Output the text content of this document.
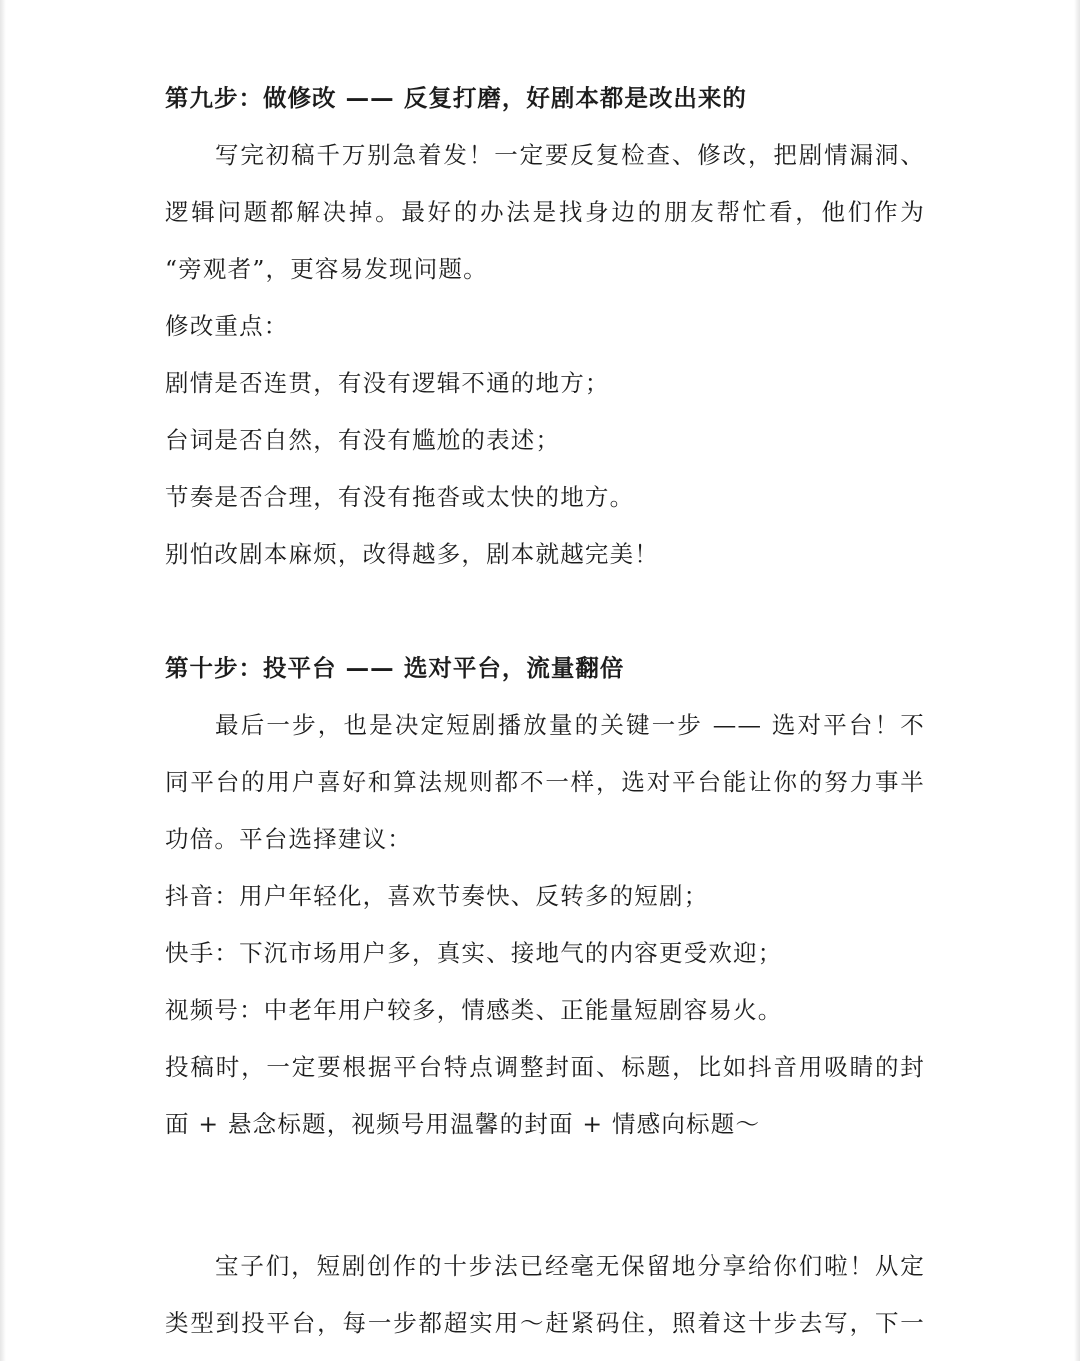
第九步：做修改 —— 反复打磨，好剧本都是改出来的
写完初稿千万别急着发！一定要反复检查、修改，把剧情漏洞、
逻辑问题都解决掉。最好的办法是找身边的朋友帮忙看，他们作为
“旁观者”，更容易发现问题。
修改重点：
剧情是否连贯，有没有逻辑不通的地方；
台词是否自然，有没有尴尬的表述；
节奏是否合理，有没有拖沓或太快的地方。
别怕改剧本麻烦，改得越多，剧本就越完美！
第十步：投平台 —— 选对平台，流量翻倍
最后一步，也是决定短剧播放量的关键一步 —— 选对平台！不
同平台的用户喜好和算法规则都不一样，选对平台能让你的努力事半
功倍。平台选择建议：
抖音：用户年轻化，喜欢节奏快、反转多的短剧；
快手：下沉市场用户多，真实、接地气的内容更受欢迎；
视频号：中老年用户较多，情感类、正能量短剧容易火。
投稿时，一定要根据平台特点调整封面、标题，比如抖音用吸睛的封
面 + 悬念标题，视频号用温馨的封面 + 情感向标题～
宝子们，短剧创作的十步法已经毫无保留地分享给你们啦！从定
类型到投平台，每一步都超实用～赶紧码住，照着这十步去写，下一
